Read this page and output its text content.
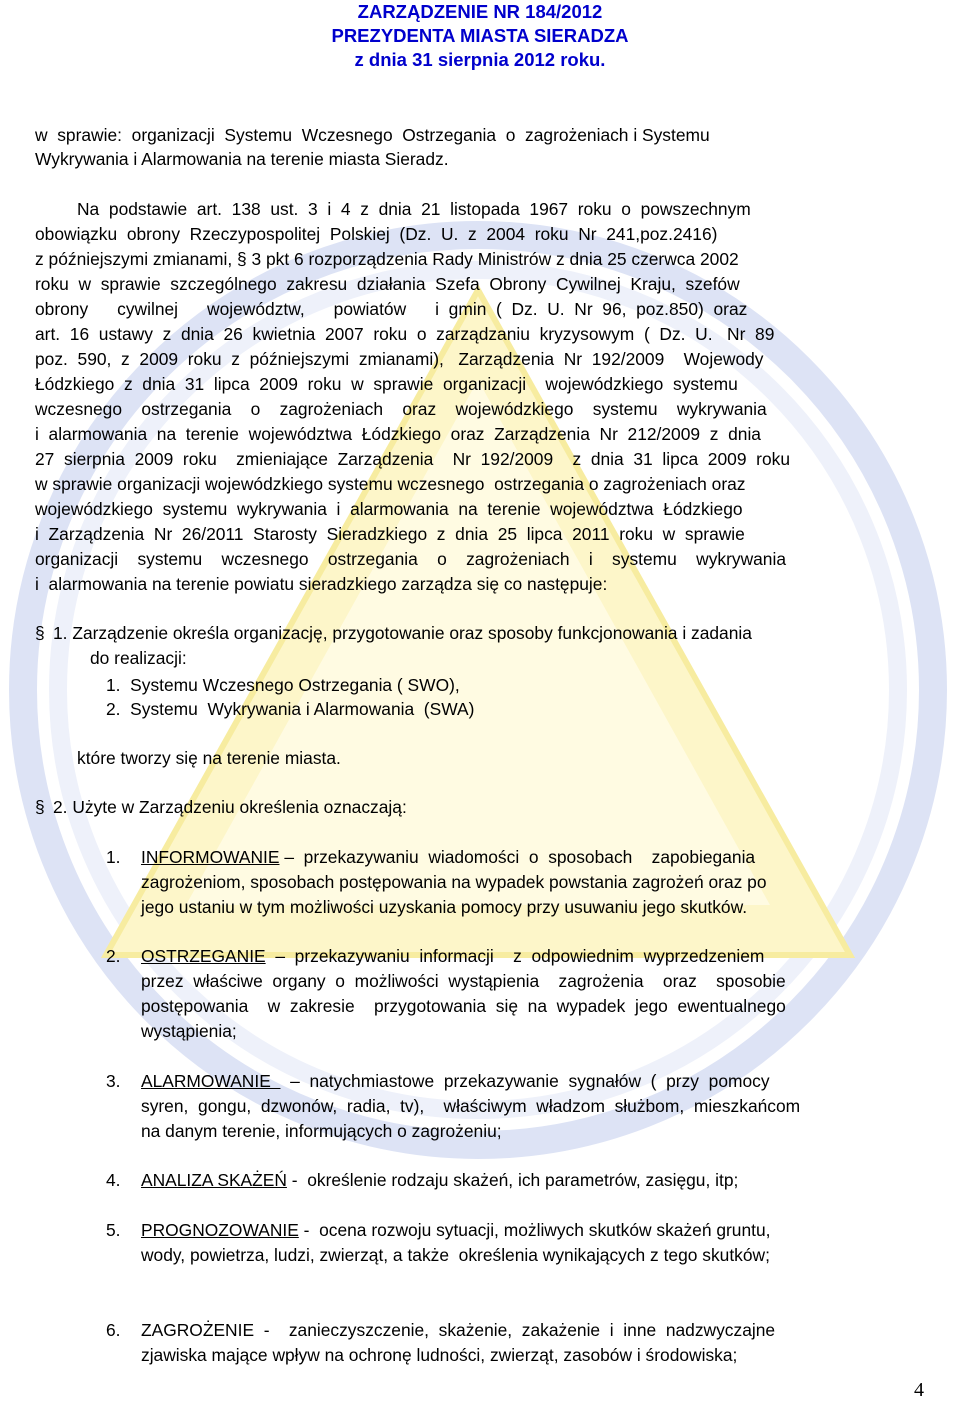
ZARZĄDZENIE NR 184/2012
PREZYDENTA MIASTA SIERADZA
z dnia 31 sierpnia 2012 roku.
w  sprawie:  organizacji  Systemu  Wczesnego  Ostrzegania  o  zagrożeniach i Systemu
Wykrywania i Alarmowania na terenie miasta Sieradz.
Na  podstawie  art.  138  ust.  3  i  4  z  dnia  21  listopada  1967  roku  o  powszechnym
obowiązku  obrony  Rzeczypospolitej  Polskiej  (Dz.  U.  z  2004  roku  Nr  241,poz.2416)
z późniejszymi zmianami, § 3 pkt 6 rozporządzenia Rady Ministrów z dnia 25 czerwca 2002
roku  w  sprawie  szczególnego  zakresu  działania  Szefa  Obrony  Cywilnej  Kraju,  szefów
obrony      cywilnej      województw,      powiatów      i  gmin  (  Dz.  U.  Nr  96,  poz.850)  oraz
art.  16  ustawy  z  dnia  26  kwietnia  2007  roku  o  zarządzaniu  kryzysowym  (  Dz.  U.   Nr  89
poz.  590,  z  2009  roku  z  późniejszymi  zmianami),   Zarządzenia  Nr  192/2009    Wojewody
Łódzkiego  z  dnia  31  lipca  2009  roku  w  sprawie  organizacji    wojewódzkiego  systemu
wczesnego    ostrzegania    o    zagrożeniach    oraz    wojewódzkiego    systemu    wykrywania
i  alarmowania  na  terenie  województwa  Łódzkiego  oraz  Zarządzenia  Nr  212/2009  z  dnia
27  sierpnia  2009  roku    zmieniające  Zarządzenia    Nr  192/2009    z  dnia  31  lipca  2009  roku
w sprawie organizacji wojewódzkiego systemu wczesnego  ostrzegania o zagrożeniach oraz
wojewódzkiego  systemu  wykrywania  i  alarmowania  na  terenie  województwa  Łódzkiego
i  Zarządzenia  Nr  26/2011  Starosty  Sieradzkiego  z  dnia  25  lipca  2011  roku  w  sprawie
organizacji    systemu    wczesnego    ostrzegania    o    zagrożeniach    i    systemu    wykrywania
i  alarmowania na terenie powiatu sieradzkiego zarządza się co następuje:
§ 1. Zarządzenie określa organizację, przygotowanie oraz sposoby funkcjonowania i zadania
do realizacji:
1.  Systemu Wczesnego Ostrzegania ( SWO),
2.  Systemu  Wykrywania i Alarmowania  (SWA)
które tworzy się na terenie miasta.
§ 2. Użyte w Zarządzeniu określenia oznaczają:
1. INFORMOWANIE –  przekazywaniu  wiadomości  o  sposobach    zapobiegania
zagrożeniom, sposobach postępowania na wypadek powstania zagrożeń oraz po
jego ustaniu w tym możliwości uzyskania pomocy przy usuwaniu jego skutków.
2. OSTRZEGANIE  –  przekazywaniu  informacji    z  odpowiednim  wyprzedzeniem
przez  właściwe  organy  o  możliwości  wystąpienia    zagrożenia    oraz    sposobie
postępowania    w  zakresie    przygotowania  się  na  wypadek  jego  ewentualnego
wystąpienia;
3. ALARMOWANIE    –  natychmiastowe  przekazywanie  sygnałów  (  przy  pomocy
syren,  gongu,  dzwonów,  radia,  tv),    właściwym  władzom  służbom,  mieszkańcom
na danym terenie, informujących o zagrożeniu;
4. ANALIZA SKAŻEŃ -  określenie rodzaju skażeń, ich parametrów, zasięgu, itp;
5. PROGNOZOWANIE -  ocena rozwoju sytuacji, możliwych skutków skażeń gruntu,
wody, powietrza, ludzi, zwierząt, a także  określenia wynikających z tego skutków;
6. ZAGROŻENIE  -    zanieczyszczenie,  skażenie,  zakażenie  i  inne  nadzwyczajne
zjawiska mające wpływ na ochronę ludności, zwierząt, zasobów i środowiska;
4
